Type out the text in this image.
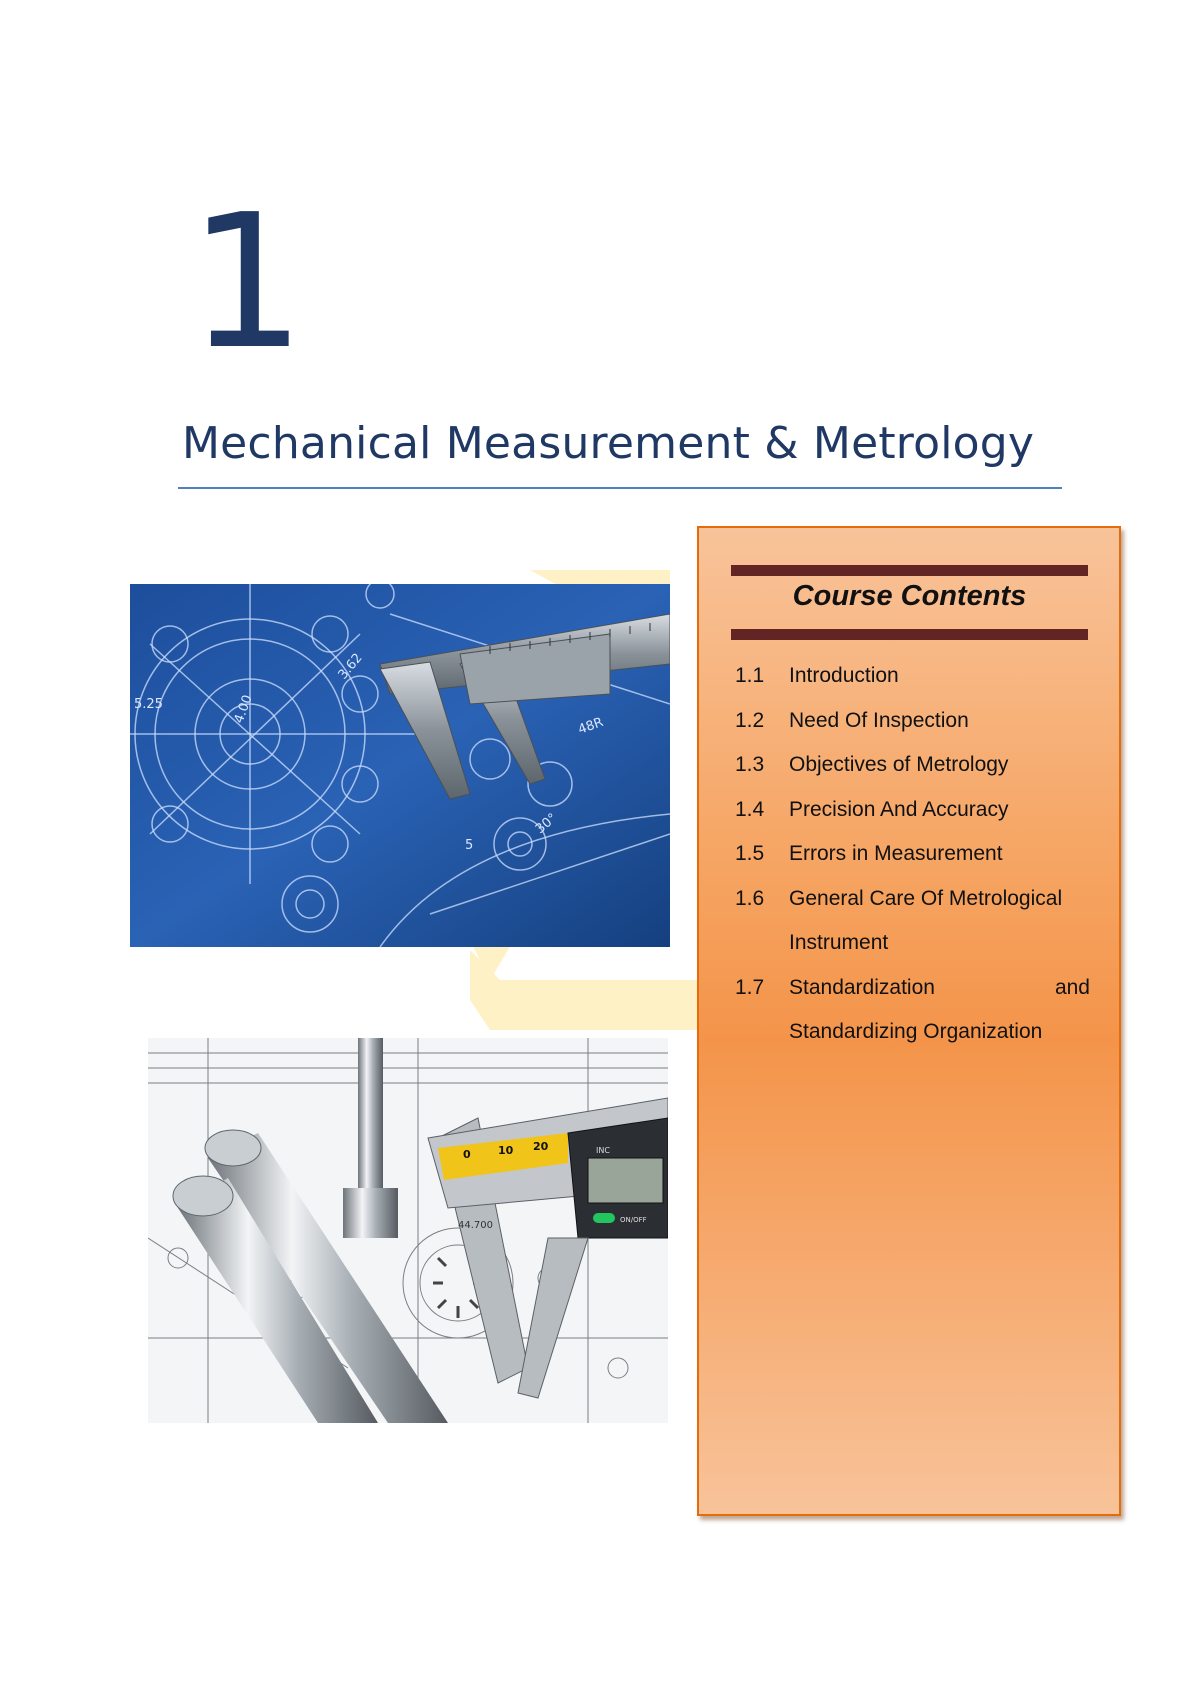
1
Mechanical Measurement & Metrology
5.25
3.62
4.00
48R
30°
5
0 10 20
44.700
INC
ON/OFF
Course Contents
1.1	Introduction
1.2	Need Of Inspection
1.3	Objectives of Metrology
1.4	Precision And Accuracy
1.5	Errors in Measurement
1.6	General Care Of Metrological
Instrument
1.7	Standardization	and
Standardizing Organization
